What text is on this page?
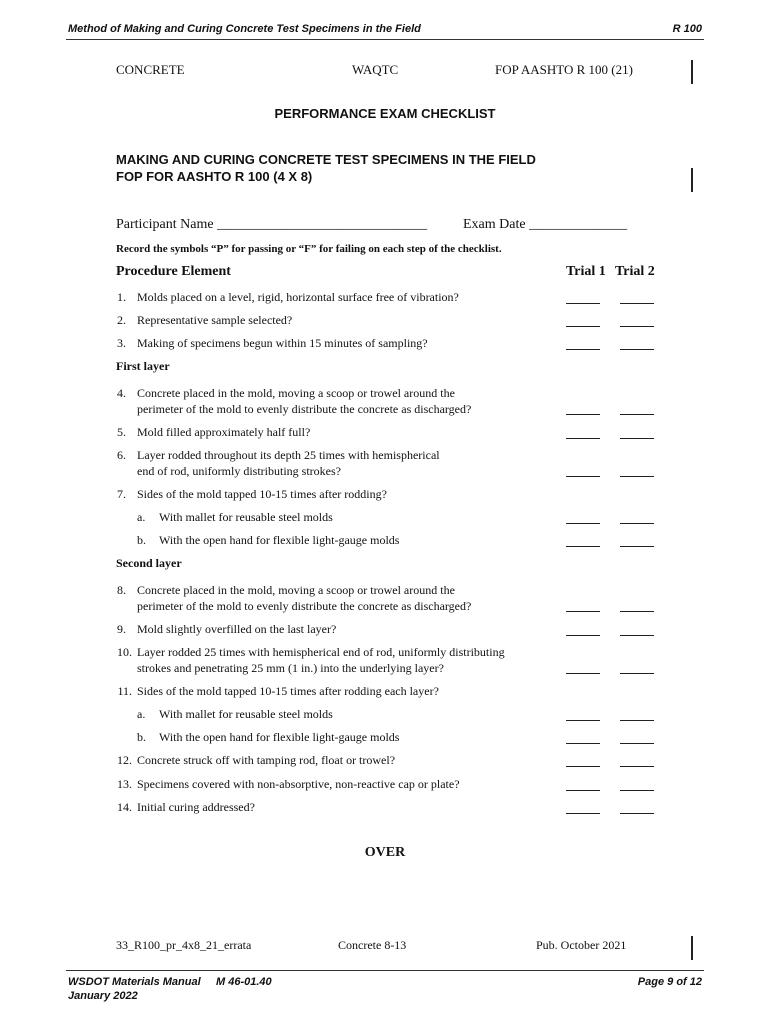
Method of Making and Curing Concrete Test Specimens in the Field	R 100
CONCRETE	WAQTC	FOP AASHTO R 100 (21)
PERFORMANCE EXAM CHECKLIST
MAKING AND CURING CONCRETE TEST SPECIMENS IN THE FIELD
FOP FOR AASHTO R 100 (4 X 8)
Participant Name ______________________________	Exam Date ______________
Record the symbols “P” for passing or “F” for failing on each step of the checklist.
Procedure Element	Trial 1 Trial 2
1. Molds placed on a level, rigid, horizontal surface free of vibration?
2. Representative sample selected?
3. Making of specimens begun within 15 minutes of sampling?
First layer
4. Concrete placed in the mold, moving a scoop or trowel around the
perimeter of the mold to evenly distribute the concrete as discharged?
5. Mold filled approximately half full?
6. Layer rodded throughout its depth 25 times with hemispherical
end of rod, uniformly distributing strokes?
7. Sides of the mold tapped 10-15 times after rodding?
a. With mallet for reusable steel molds
b. With the open hand for flexible light-gauge molds
Second layer
8. Concrete placed in the mold, moving a scoop or trowel around the
perimeter of the mold to evenly distribute the concrete as discharged?
9. Mold slightly overfilled on the last layer?
10. Layer rodded 25 times with hemispherical end of rod, uniformly distributing
strokes and penetrating 25 mm (1 in.) into the underlying layer?
11. Sides of the mold tapped 10-15 times after rodding each layer?
a. With mallet for reusable steel molds
b. With the open hand for flexible light-gauge molds
12. Concrete struck off with tamping rod, float or trowel?
13. Specimens covered with non-absorptive, non-reactive cap or plate?
14. Initial curing addressed?
OVER
33_R100_pr_4x8_21_errata	Concrete 8-13	Pub. October 2021
WSDOT Materials Manual M 46-01.40
January 2022
Page 9 of 12
